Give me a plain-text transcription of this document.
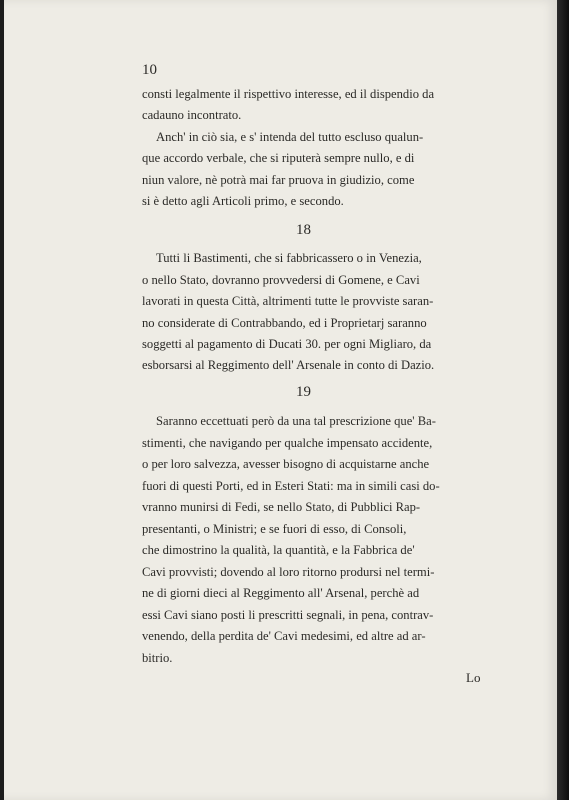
10
consti legalmente il rispettivo interesse, ed il dispendio da
cadauno incontrato.
Anch' in ciò sia, e s' intenda del tutto escluso qualun-
que accordo verbale, che si riputerà sempre nullo, e di
niun valore, nè potrà mai far pruova in giudizio, come
si è detto agli Articoli primo, e secondo.
18
Tutti li Bastimenti, che si fabbricassero o in Venezia,
o nello Stato, dovranno provvedersi di Gomene, e Cavi
lavorati in questa Città, altrimenti tutte le provviste saran-
no considerate di Contrabbando, ed i Proprietarj saranno
soggetti al pagamento di Ducati 30. per ogni Migliaro, da
esborsarsi al Reggimento dell' Arsenale in conto di Dazio.
19
Saranno eccettuati però da una tal prescrizione que' Ba-
stimenti, che navigando per qualche impensato accidente,
o per loro salvezza, avesser bisogno di acquistarne anche
fuori di questi Porti, ed in Esteri Stati: ma in simili casi do-
vranno munirsi di Fedi, se nello Stato, di Pubblici Rap-
presentanti, o Ministri; e se fuori di esso, di Consoli,
che dimostrino la qualità, la quantità, e la Fabbrica de'
Cavi provvisti; dovendo al loro ritorno prodursi nel termi-
ne di giorni dieci al Reggimento all' Arsenal, perchè ad
essi Cavi siano posti li prescritti segnali, in pena, contrav-
venendo, della perdita de' Cavi medesimi, ed altre ad ar-
bitrio.
Lo
